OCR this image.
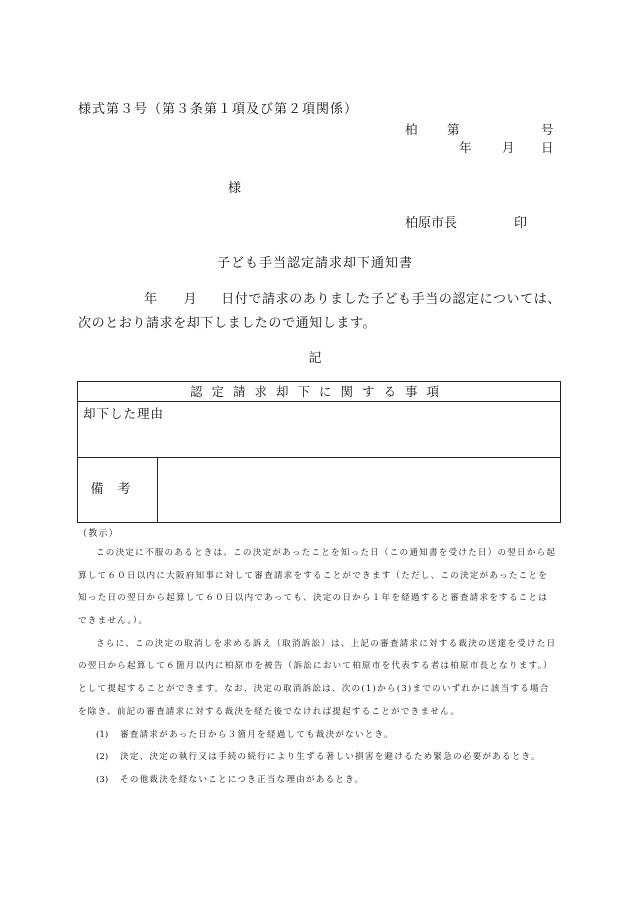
様式第３号（第３条第１項及び第２項関係）
柏 第	号
年 月 日
様
柏原市長	印
子ども手当認定請求却下通知書
年 月 日付で請求のありました子ども手当の認定については、
次のとおり請求を却下しましたので通知します。
記
認定請求却下に関する事項
却下した理由
備考
（教示）
この決定に不服のあるときは、この決定があったことを知った日（この通知書を受けた日）の翌日から起
算して６０日以内に大阪府知事に対して審査請求をすることができます（ただし、この決定があったことを
知った日の翌日から起算して６０日以内であっても、決定の日から１年を経過すると審査請求をすることは
できません。）。
さらに、この決定の取消しを求める訴え（取消訴訟）は、上記の審査請求に対する裁決の送達を受けた日
の翌日から起算して６箇月以内に柏原市を被告（訴訟において柏原市を代表する者は柏原市長となります。）
として提起することができます。なお、決定の取消訴訟は、次の(1)から(3)までのいずれかに該当する場合
を除き、前記の審査請求に対する裁決を経た後でなければ提起することができません。
(1) 審査請求があった日から３箇月を経過しても裁決がないとき。
(2) 決定、決定の執行又は手続の続行により生ずる著しい損害を避けるため緊急の必要があるとき。
(3) その他裁決を経ないことにつき正当な理由があるとき。
